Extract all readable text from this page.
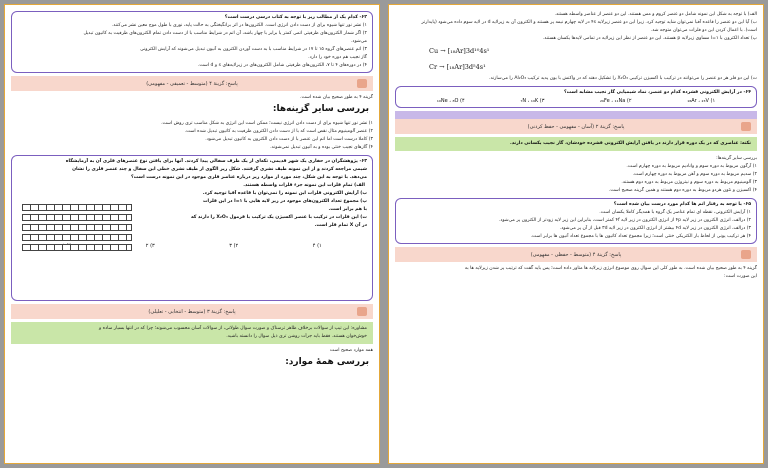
۶۲- کدام یک از مطالب زیر با توجه به کتاب درسی درست است؟
۱) نشر نور تنها شیوه برای از دست دادن انرژی است. الکترون‌ها در اثر برانگیختگی به حالت پایه، نوری با طول موج معین نشر می‌کنند.
۲) اگر شمار الکترون‌های ظرفیتی اتمی کمتر یا برابر با چهار باشد، آن اتم در شرایط مناسب با از دست دادن تمام الکترون‌های ظرفیت به کاتیون تبدیل
می‌شود.
۳) اتم عنصرهای گروه ۱۵ تا ۱۷ در شرایط مناسب با به دست آوردن الکترون به آنیون تبدیل می‌شوند که آرایش الکترونی
گاز نجیب هم دوره خود را دارد.
۴) در دوره‌های ۴ تا ۷، الکترون‌های ظرفیتی شامل الکترون‌های در زیرلایه‌های s و d است.
پاسخ: گزینهٔ ۴ (متوسط - تعمیقی - مفهومی)
گزینه ۴ به طور صحیح بیان شده است.
بررسی سایر گزینه‌ها:
۱) نشر نور تنها شیوه برای از دست دادن انرژی نیست؛ ممکن است این انرژی به شکل مناسب تری روش است.
۲) عنصر آلومینیوم مثال نقض است که با از دست دادن الکترون ظرفیت به کاتیون تبدیل شده است.
۳) کاملا درست است اما اتم این عنصر با از دست دادن الکترون به کاتیون تبدیل می‌شود.
۴) گازهای نجیب خنثی بوده و به آنیون تبدیل نمی‌شوند.
۶۳- پژوهشگران در حفاری یک شهر قدیمی، تکه‌ای از یک ظرف سفالی پیدا کردند. آنها برای یافتن نوع عنصرهای فلزی آن به آزمایشگاه
شیمی مراجعه کردند و از این نمونه طیف نشری گرفتند. شکل زیر الگوی از طیف نشری خطی این سفال و چند عنصر فلزی را نشان
می‌دهد. با توجه به این شکل، چند مورد از موارد زیر درباره عناصر فلزی موجود در این نمونه درست است؟
الف) تمام فلزات این نمونه جزء فلزات واسطه هستند.
ب) آرایش الکترونی فلزات این نمونه را نمی‌توان با قاعده آفبا توجیه کرد.
پ) مجموع تعداد الکترون‌های موجود در زیر لایه هایی با ۱=l در این فلزات
با هم برابر است.
ت) این فلزات در ترکیب با عنصر اکسیژن یک ترکیب با فرمول X₂O₃ را دارند که
در آن X تمام فلز است.
۱) ۴
۲) ۳
۳) ۲
پاسخ: گزینهٔ ۳ (متوسط - انتخابی - تعلیلی)
مشاوره: این تیپ از سوالات برخلاف ظاهر ترسناک و صورت سوال طولانی، از سوالات آسان محسوب می‌شوند؛ چرا که در انتها بسیار ساده و
خوش‌خوان هستند. فقط باید جرأت روشن تری ذیل سوال را دانسته باشید.
همه موارد صحیح است
بررسی همهٔ موارد:
الف) با توجه به شکل این نمونه شامل دو عنصر کروم و مس هستند. این دو عنصر از عناصر واسطه هستند.
ب) آیا این دو عنصر را قاعده آفبا نمی‌توان شاید توجیه کرد. زیرا این دو عنصر زیرلایه ۴s در لایه چهارم نیمه پر هستند و الکترون آن به زیرلایه d در لایه سوم داده می‌شود (پایدارتر
است). با اعمال کردن این دو فلزات می‌توان متوجه شد.
پ) تعداد الکترون با ۱=l مساوی زیرلایه p هستند. این دو عنصر از نظر این زیرلایه در تمامی لایه‌ها یکسان هستند.
Cu → [₁₈Ar]3d¹⁰4s¹
Cr → [₁₈Ar]3d⁵4s¹
ت) این دو فلز هر دو عنصر را می‌توانند در ترکیب با اکسیژن ترکیبی X₂O₃ را تشکیل دهند که در واکنش با یون پدید ترکیب Al₂O₃ را می‌سازند.
۶۴- در آرایش الکترونی فشرده کدام دو عنصر، نماد شیمیایی گاز نجیب مشابه است؟
۱) ₁₈Ar ، ₂₃V
۲) ₂₆Fe ، ₁₁Na
۳) ₇N ، ₁₉K
۴) ₁₀Ne ، ₈O
پاسخ: گزینهٔ ۲ (آسان - مفهومی - حفظ کردنی)
نکته: عناصری که در یک دوره قرار دارند در یافتن آرایش الکترونی فشرده خودشان، گاز نجیب یکسانی دارند.
بررسی سایر گزینه‌ها:
۱) آرگون مربوط به دوره سوم و وانادیم مربوط به دوره چهارم است.
۲) سدیم مربوط به دوره سوم و آهن مربوط به دوره چهارم است.
۳) آلومینیوم مربوط به دوره سوم و نیتروژن مربوط به دوره دوم هستند.
۴) اکسیژن و نئون هردو مربوط به دوره دوم هستند و همین گزینه صحیح است.
۶۵- با توجه به رفتار اتم ها کدام مورد درست بیان شده است؟
۱) آرایش الکترونی، نقطه ای تمام عناصر یک گروه با همدیگر کاملا یکسان است.
۲) درالف، انرژی الکترون در زیر لایه ۴p از انرژی الکترون در زیر لایه ۴f کمتر است، بنابراین این زیر لایه زودتر از الکترون پر می‌شود.
۳) درالف، انرژی الکترون در زیر لایه ۴d بیشتر از انرژی الکترون در زیر لایه ۳d قبل از آن پر می‌شود.
۴) هر ترکیب یونی از لحاظ بار الکتریکی خنثی است؛ زیرا مجموع تعداد کاتیون ها با مجموع تعداد آنیون ها برابر است.
پاسخ: گزینهٔ ۴ (متوسط - حفظی - مفهومی)
گزینه ۴ به طور صحیح بیان شده است. به طور کلی این سوال روی موضوع انرژی زیرلایه ها متاور داده است؛ پس باید گفت که ترتیب پر شدن زیرلایه ها به
این صورت است:
